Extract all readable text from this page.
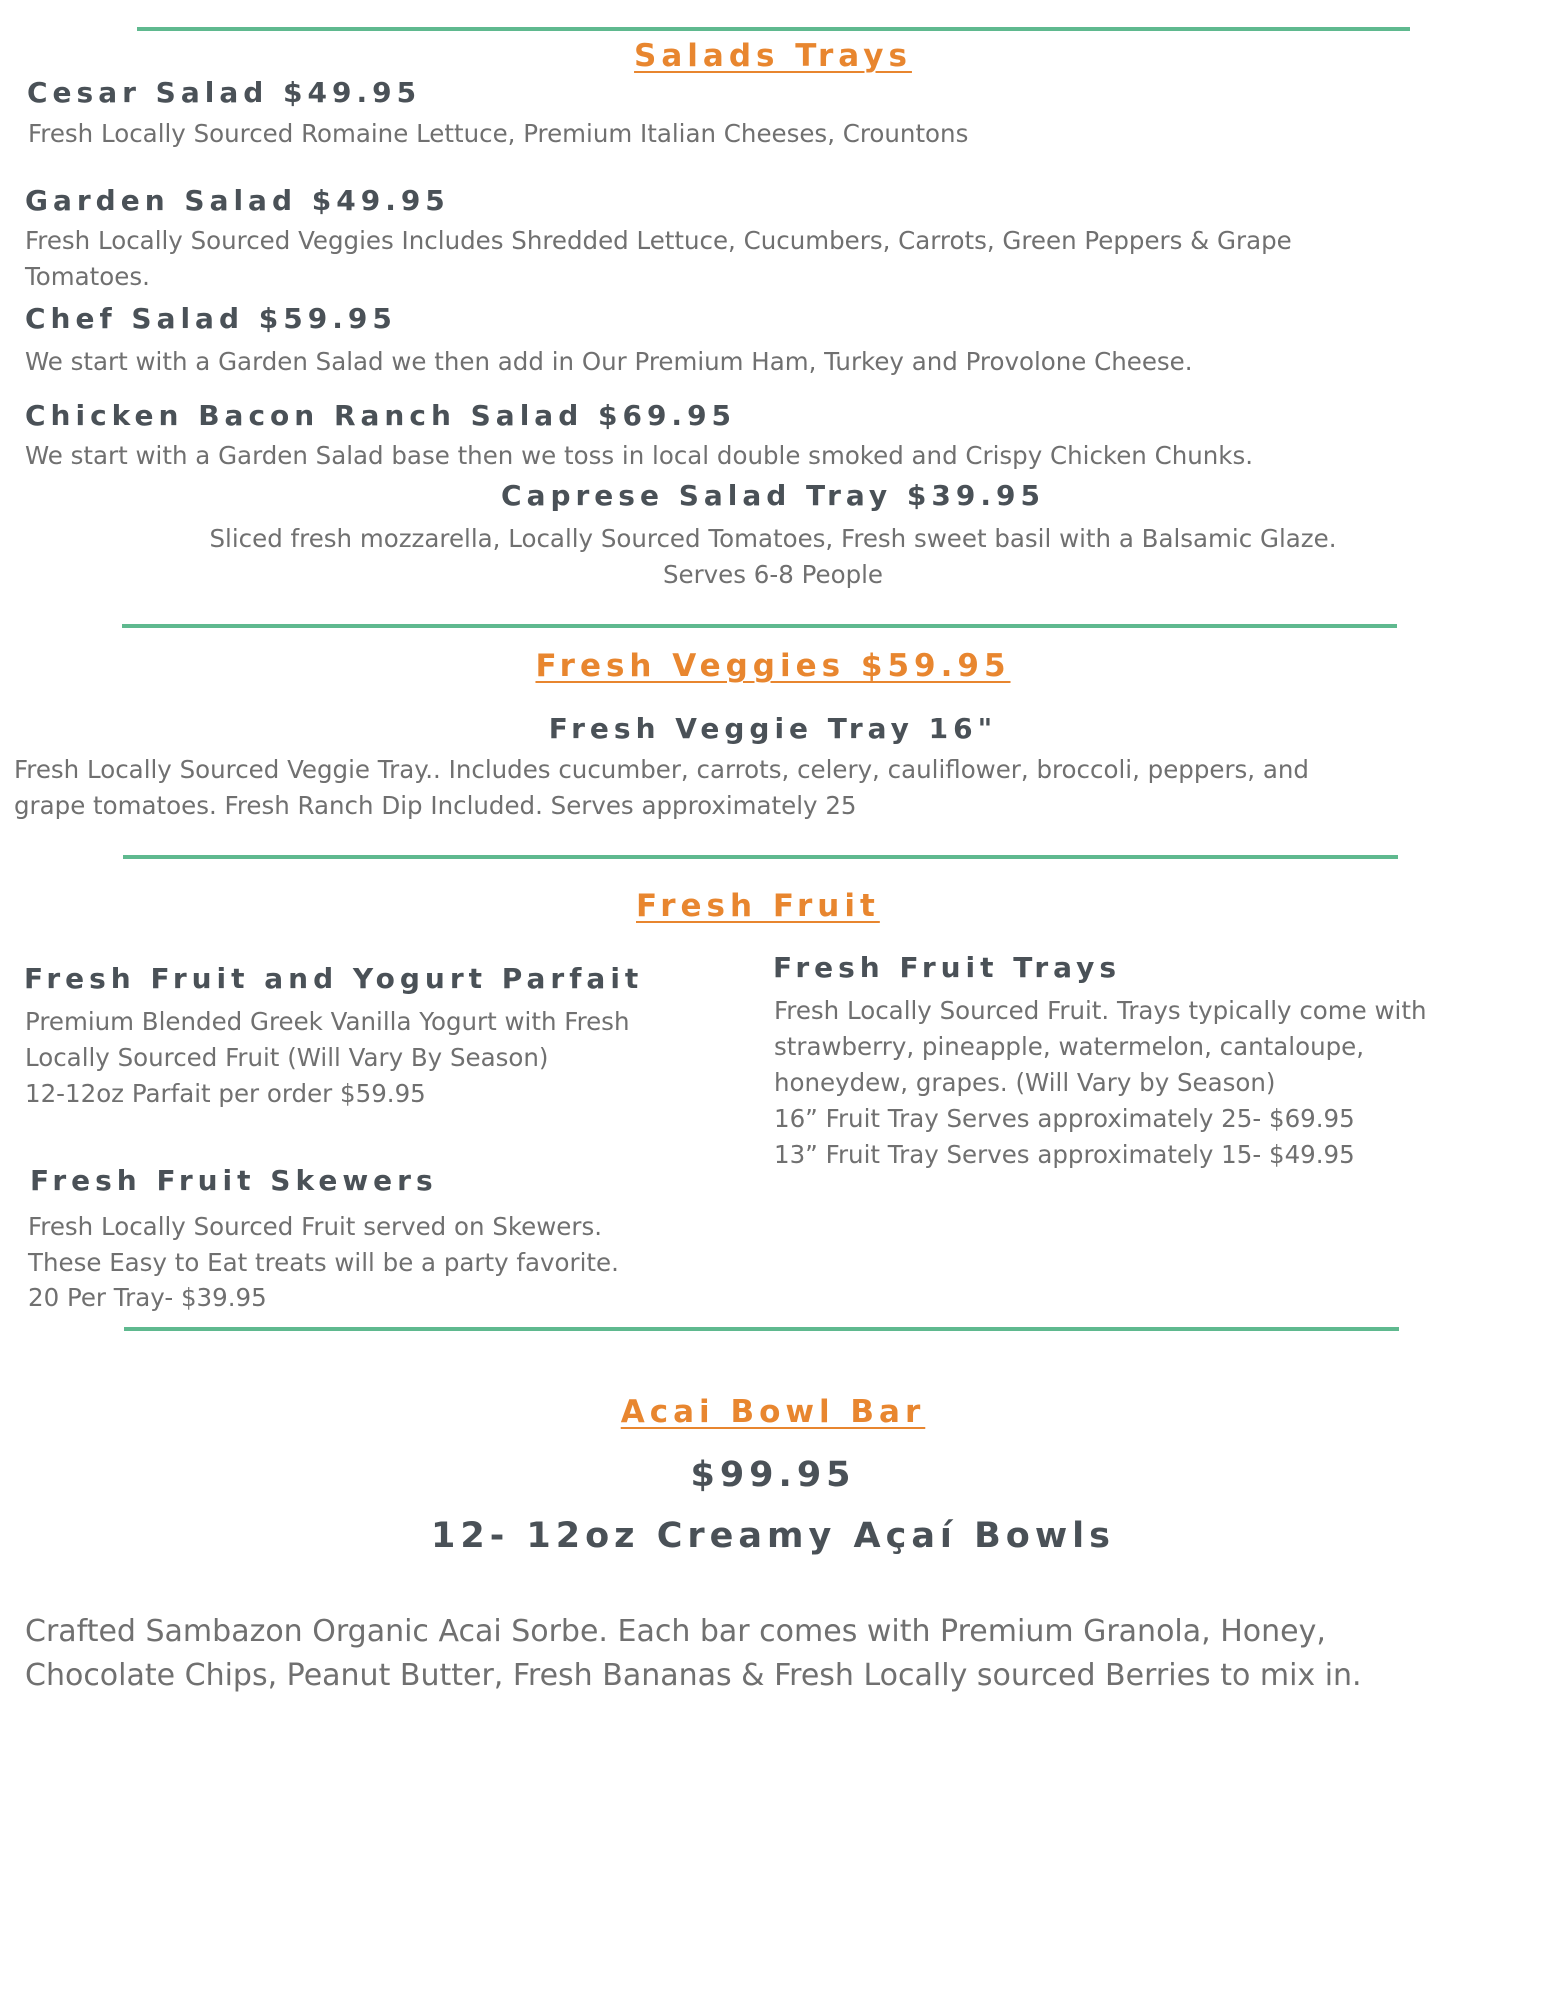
Salads Trays
Cesar Salad $49.95
Fresh Locally Sourced Romaine Lettuce, Premium Italian Cheeses, Crountons
Garden Salad $49.95
Fresh Locally Sourced Veggies Includes Shredded Lettuce, Cucumbers, Carrots, Green Peppers & Grape
Tomatoes.
Chef Salad $59.95
We start with a Garden Salad we then add in Our Premium Ham, Turkey and Provolone Cheese.
Chicken Bacon Ranch Salad $69.95
We start with a Garden Salad base then we toss in local double smoked and Crispy Chicken Chunks.
Caprese Salad Tray $39.95
Sliced fresh mozzarella, Locally Sourced Tomatoes, Fresh sweet basil with a Balsamic Glaze.
Serves 6-8 People
Fresh Veggies $59.95
Fresh Veggie Tray 16"
Fresh Locally Sourced Veggie Tray.. Includes cucumber, carrots, celery, cauliflower, broccoli, peppers, and
grape tomatoes. Fresh Ranch Dip Included. Serves approximately 25
Fresh Fruit
Fresh Fruit and Yogurt Parfait
Premium Blended Greek Vanilla Yogurt with Fresh
Locally Sourced Fruit (Will Vary By Season)
12-12oz Parfait per order $59.95
Fresh Fruit Trays
Fresh Locally Sourced Fruit. Trays typically come with
strawberry, pineapple, watermelon, cantaloupe,
honeydew, grapes. (Will Vary by Season)
16” Fruit Tray Serves approximately 25- $69.95
13” Fruit Tray Serves approximately 15- $49.95
Fresh Fruit Skewers
Fresh Locally Sourced Fruit served on Skewers.
These Easy to Eat treats will be a party favorite.
20 Per Tray- $39.95
Acai Bowl Bar
$99.95
12- 12oz Creamy Açaí Bowls
Crafted Sambazon Organic Acai Sorbe. Each bar comes with Premium Granola, Honey,
Chocolate Chips, Peanut Butter, Fresh Bananas & Fresh Locally sourced Berries to mix in.
